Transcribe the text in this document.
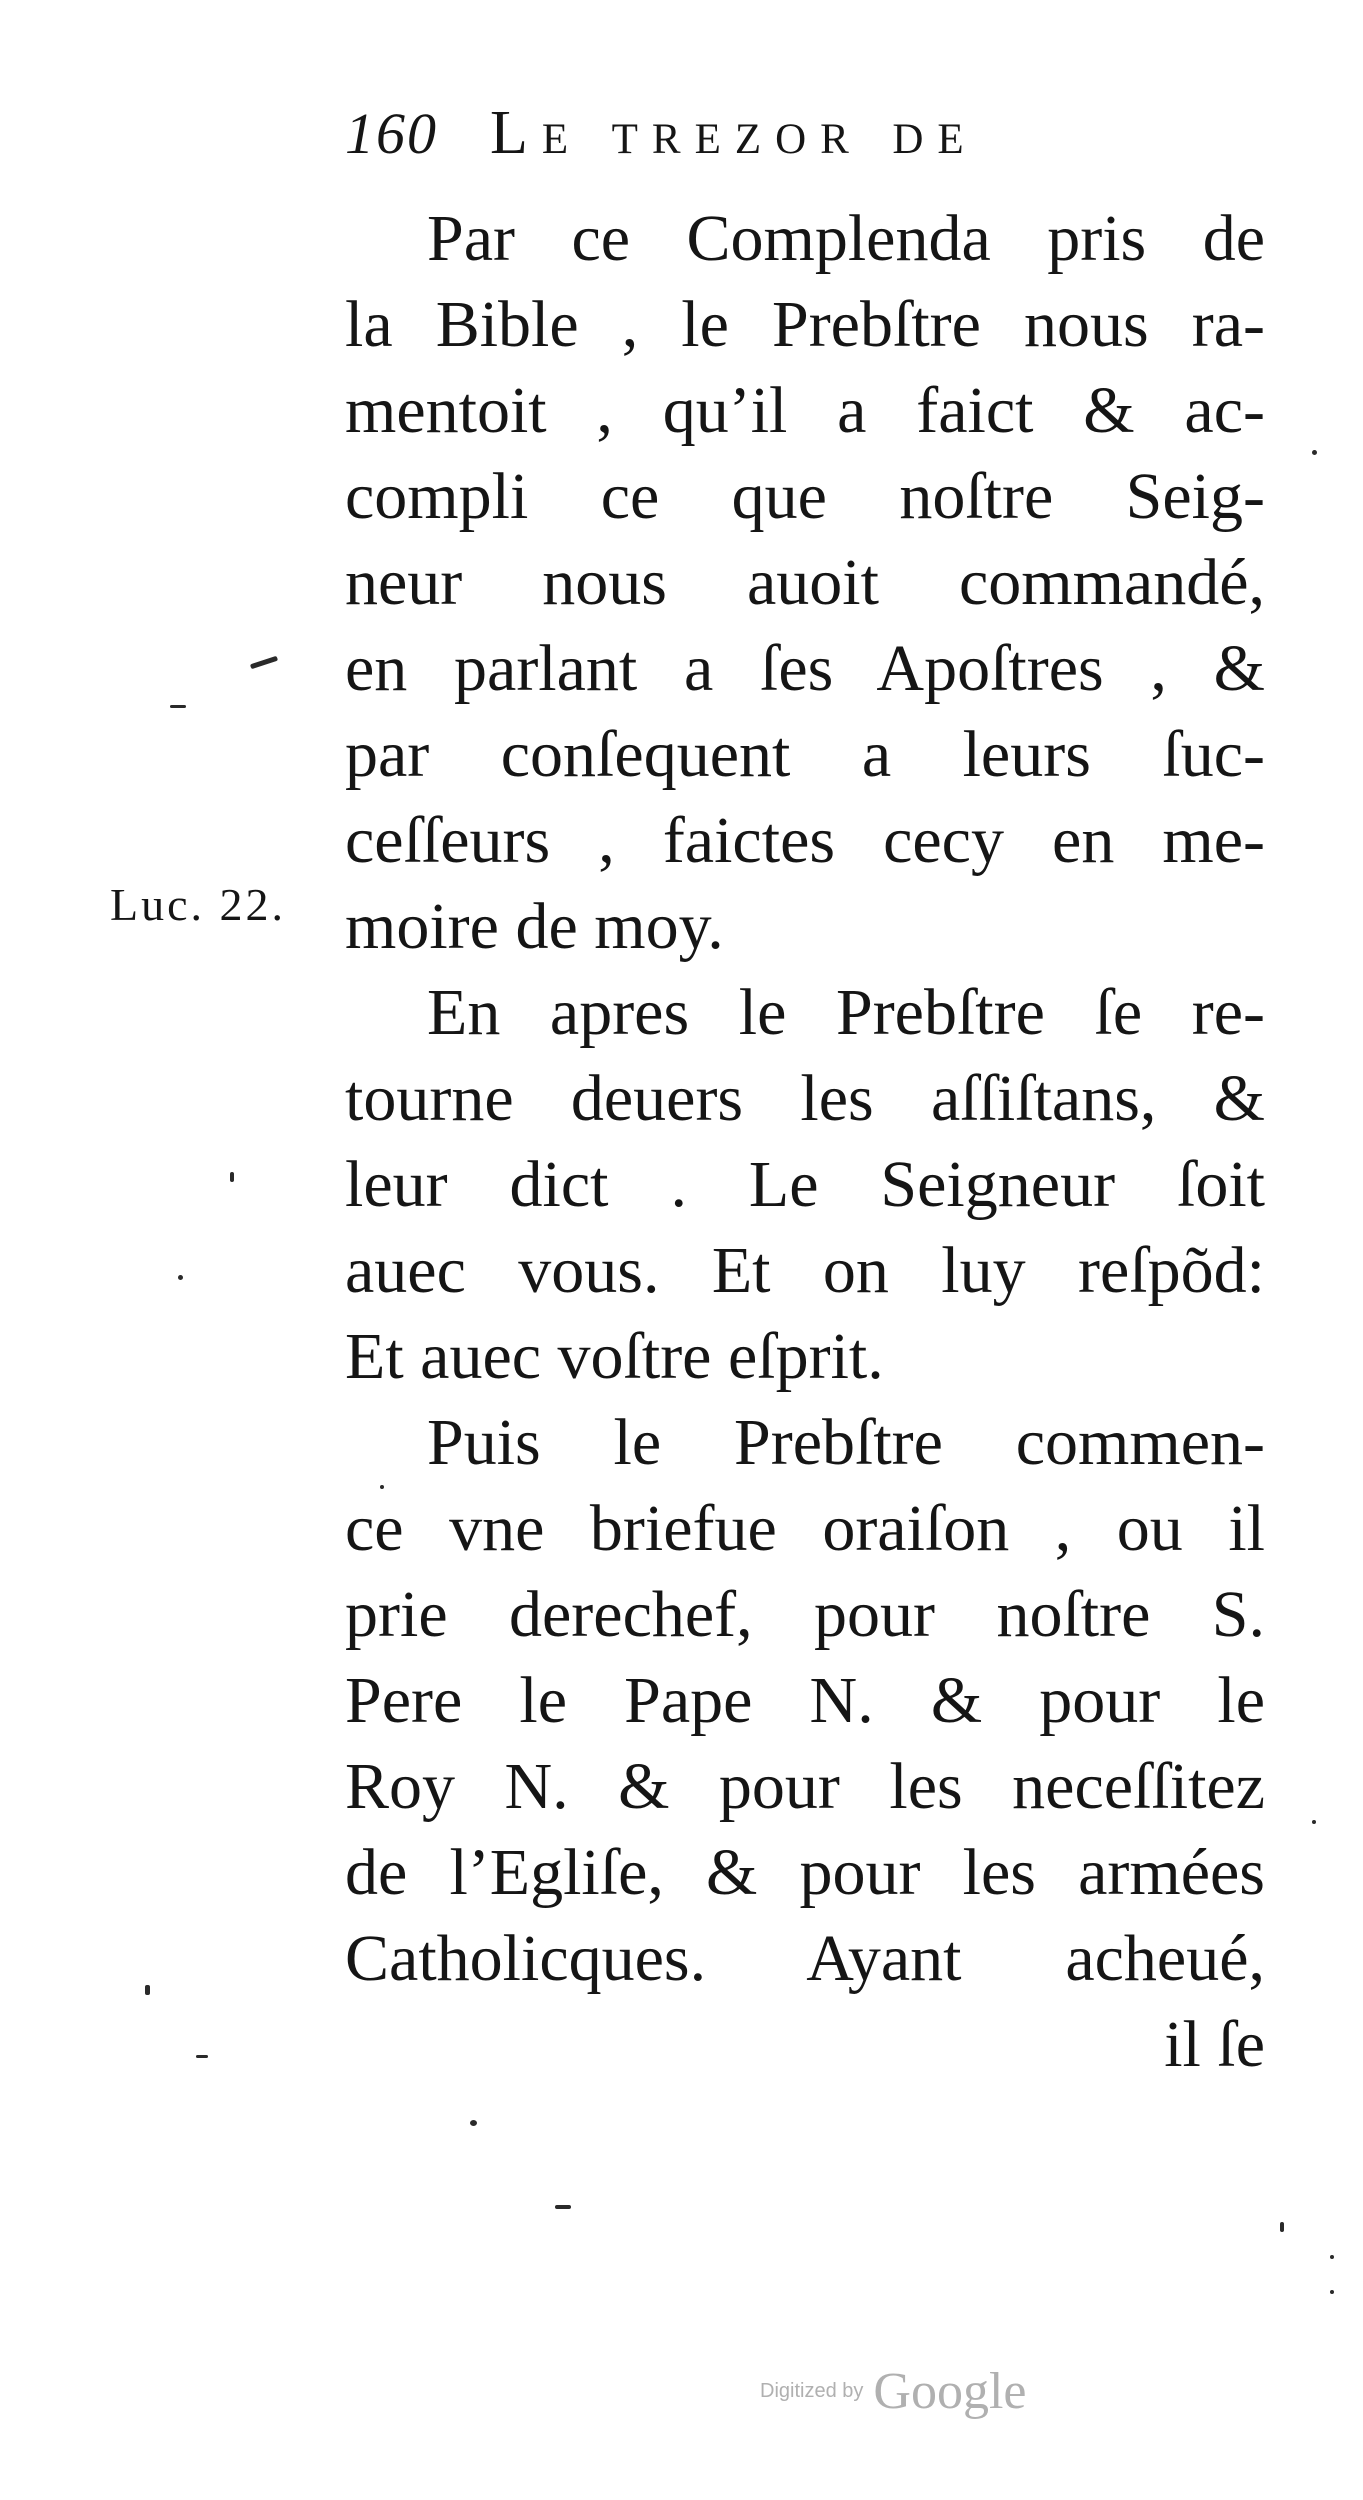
160 Le trezor de
Luc. 22.
Par ce Complenda pris de
la Bible , le Prebſtre nous ra-
mentoit , qu’il a faict & ac-
compli ce que noſtre Seig-
neur nous auoit commandé,
en parlant a ſes Apoſtres , &
par conſequent a leurs ſuc-
ceſſeurs , faictes cecy en me-
moire de moy.
En apres le Prebſtre ſe re-
tourne deuers les aſſiſtans, &
leur dict . Le Seigneur ſoit
auec vous. Et on luy reſpõd:
Et auec voſtre eſprit.
Puis le Prebſtre commen-
ce vne briefue oraiſon , ou il
prie derechef, pour noſtre S.
Pere le Pape N. & pour le
Roy N. & pour les neceſſitez
de l’Egliſe, & pour les armées
Catholicques. Ayant acheué,
il ſe
Digitized by Google
